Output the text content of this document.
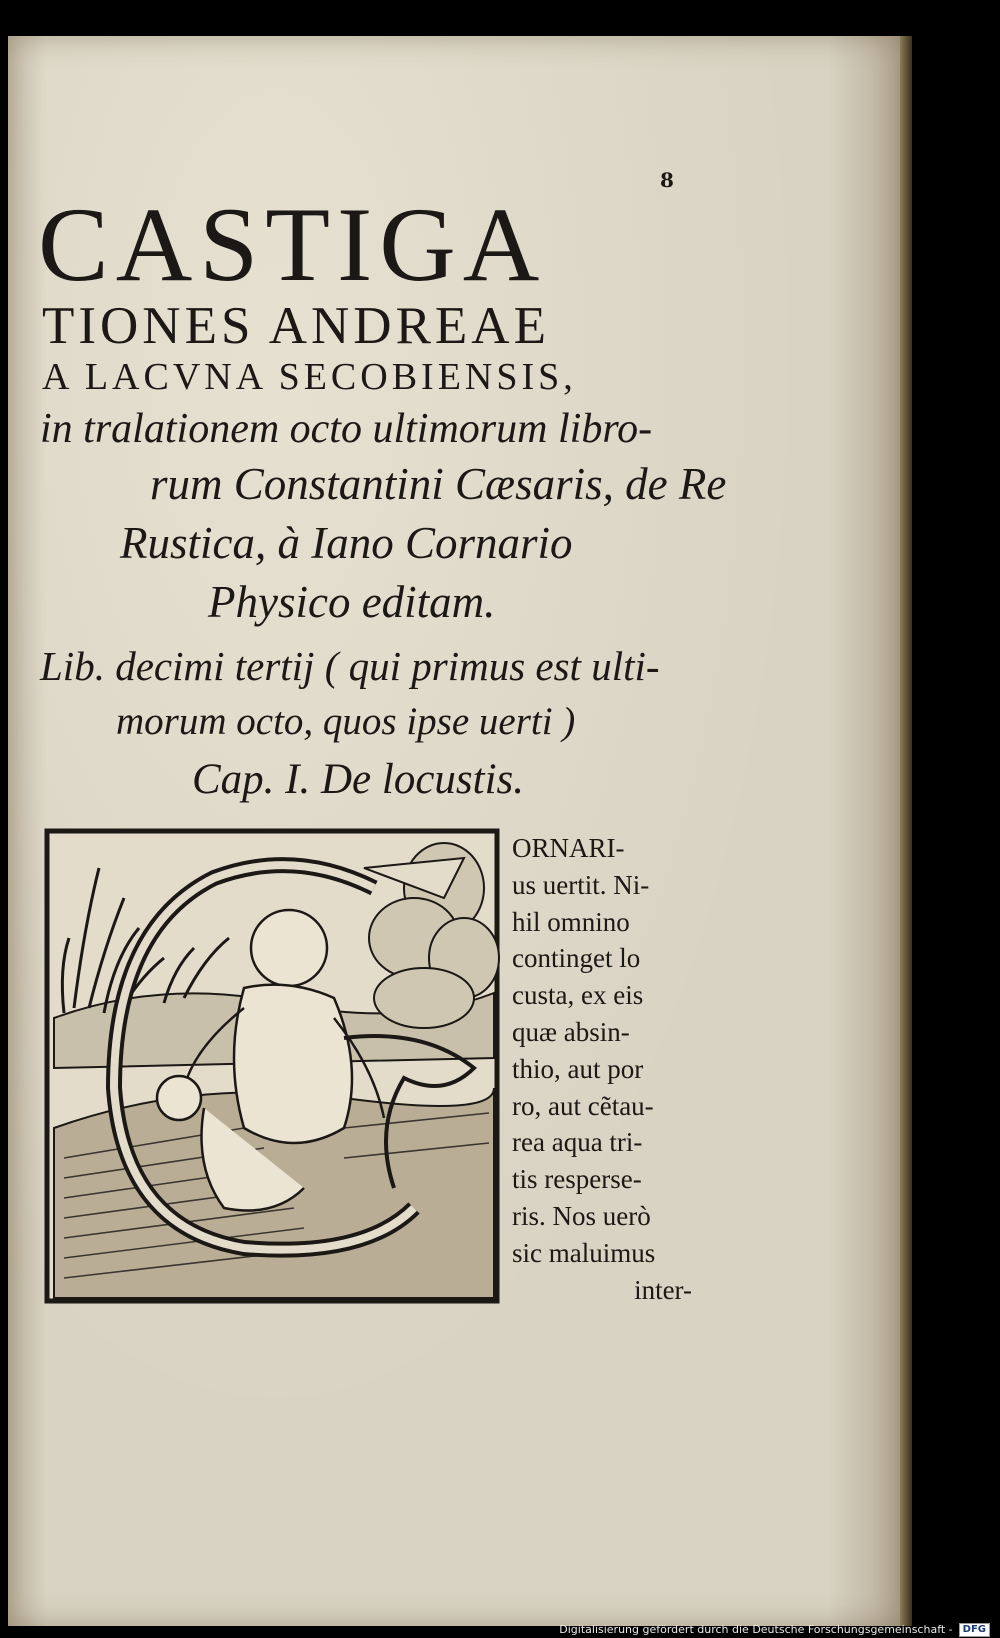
8

CASTIGA

TIONES ANDREAE

A LACVNA SECOBIENSIS,

in tralationem octo ultimorum libro-

rum Constantini Cæsaris, de Re

Rustica, à Iano Cornario

Physico editam.

Lib. decimi tertij ( qui primus est ulti-

morum octo, quos ipse uerti )

Cap. I. De locustis.

ORNARI-
us uertit. Ni-
hil omnino
continget lo
custa, ex eis
quæ absin-
thio, aut por
ro, aut cẽtau-
rea aqua tri-
tis resperse-
ris. Nos uerò
sic maluimus
inter-
Digitalisierung gefördert durch die Deutsche Forschungsgemeinschaft -	DFG
